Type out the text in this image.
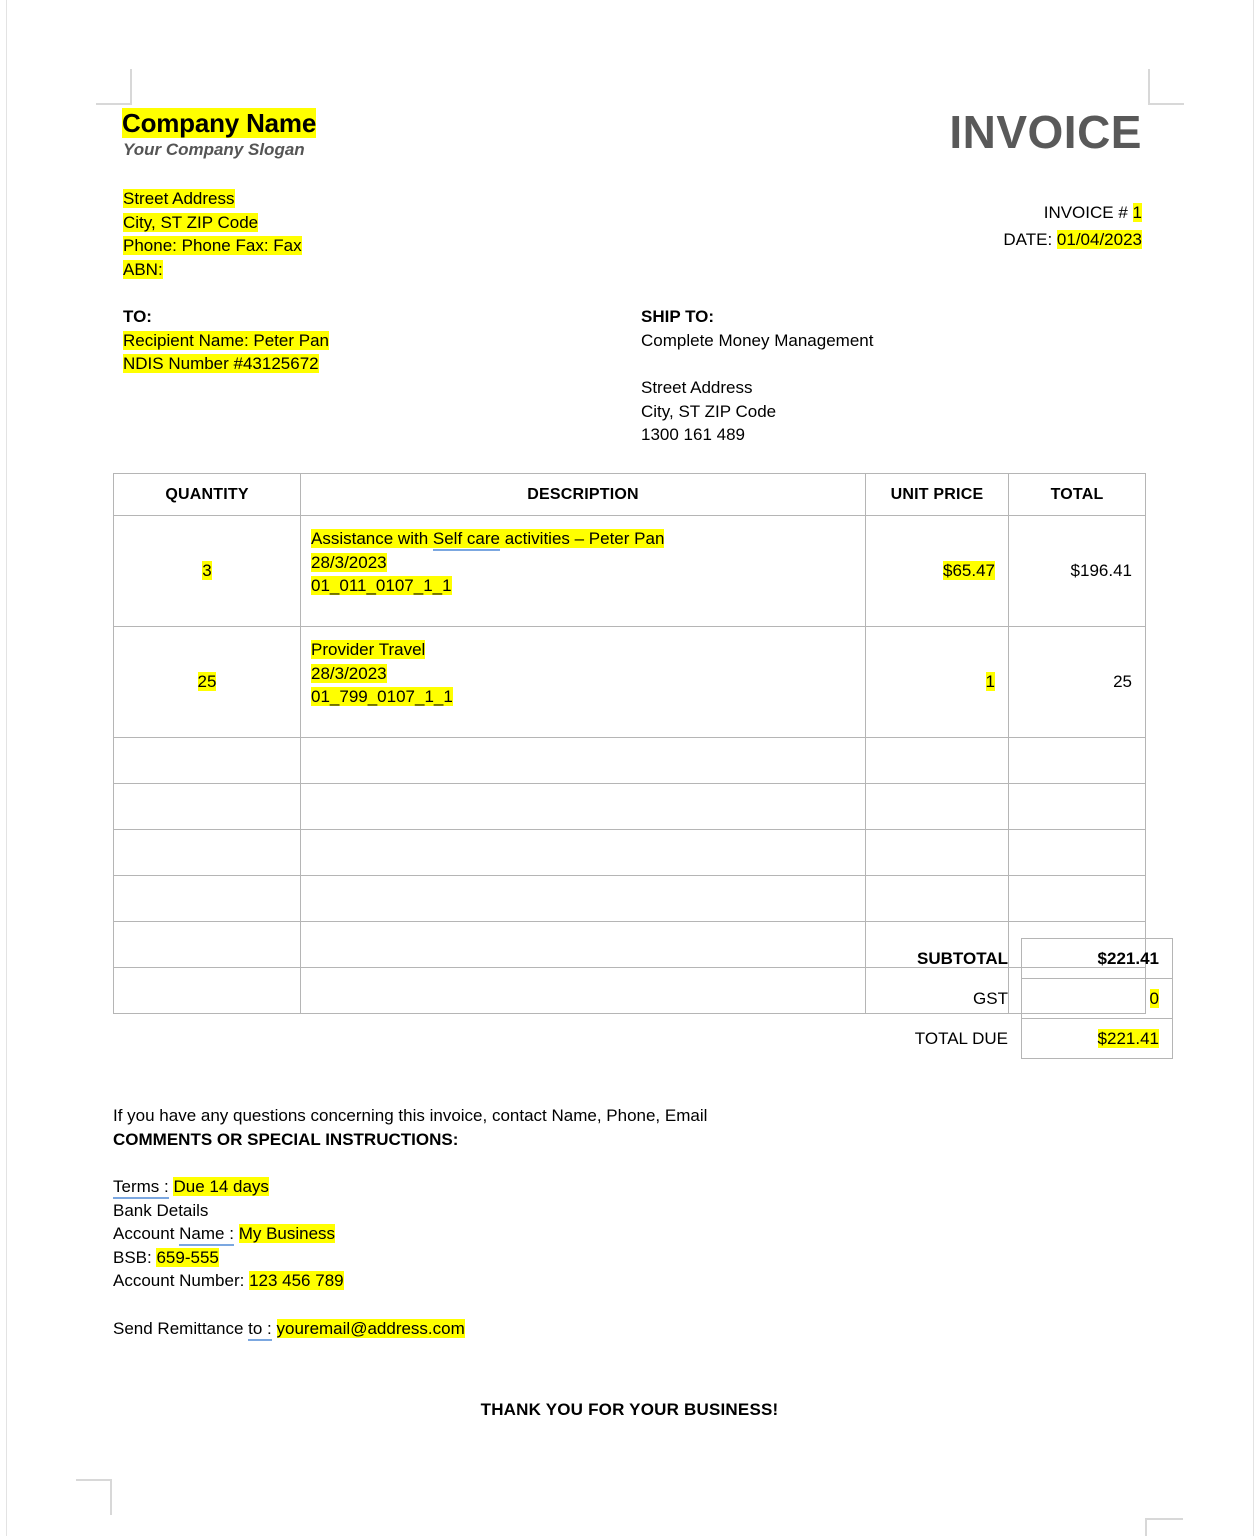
Company Name
Your Company Slogan
Street Address
City, ST ZIP Code
Phone: Phone Fax: Fax
ABN:
INVOICE
INVOICE # 1
DATE: 01/04/2023
TO:
Recipient Name: Peter Pan
NDIS Number #43125672
SHIP TO:
Complete Money Management
Street Address
City, ST ZIP Code
1300 161 489
QUANTITY	DESCRIPTION	UNIT PRICE	TOTAL
3	Assistance with Self care activities – Peter Pan
28/3/2023
01_011_0107_1_1	$65.47	$196.41
25	Provider Travel
28/3/2023
01_799_0107_1_1	1	25

SUBTOTAL	$221.41
GST	0
TOTAL DUE	$221.41
If you have any questions concerning this invoice, contact Name, Phone, Email
COMMENTS OR SPECIAL INSTRUCTIONS:
Terms : Due 14 days
Bank Details
Account Name : My Business
BSB: 659-555
Account Number: 123 456 789
Send Remittance to : youremail@address.com
THANK YOU FOR YOUR BUSINESS!
